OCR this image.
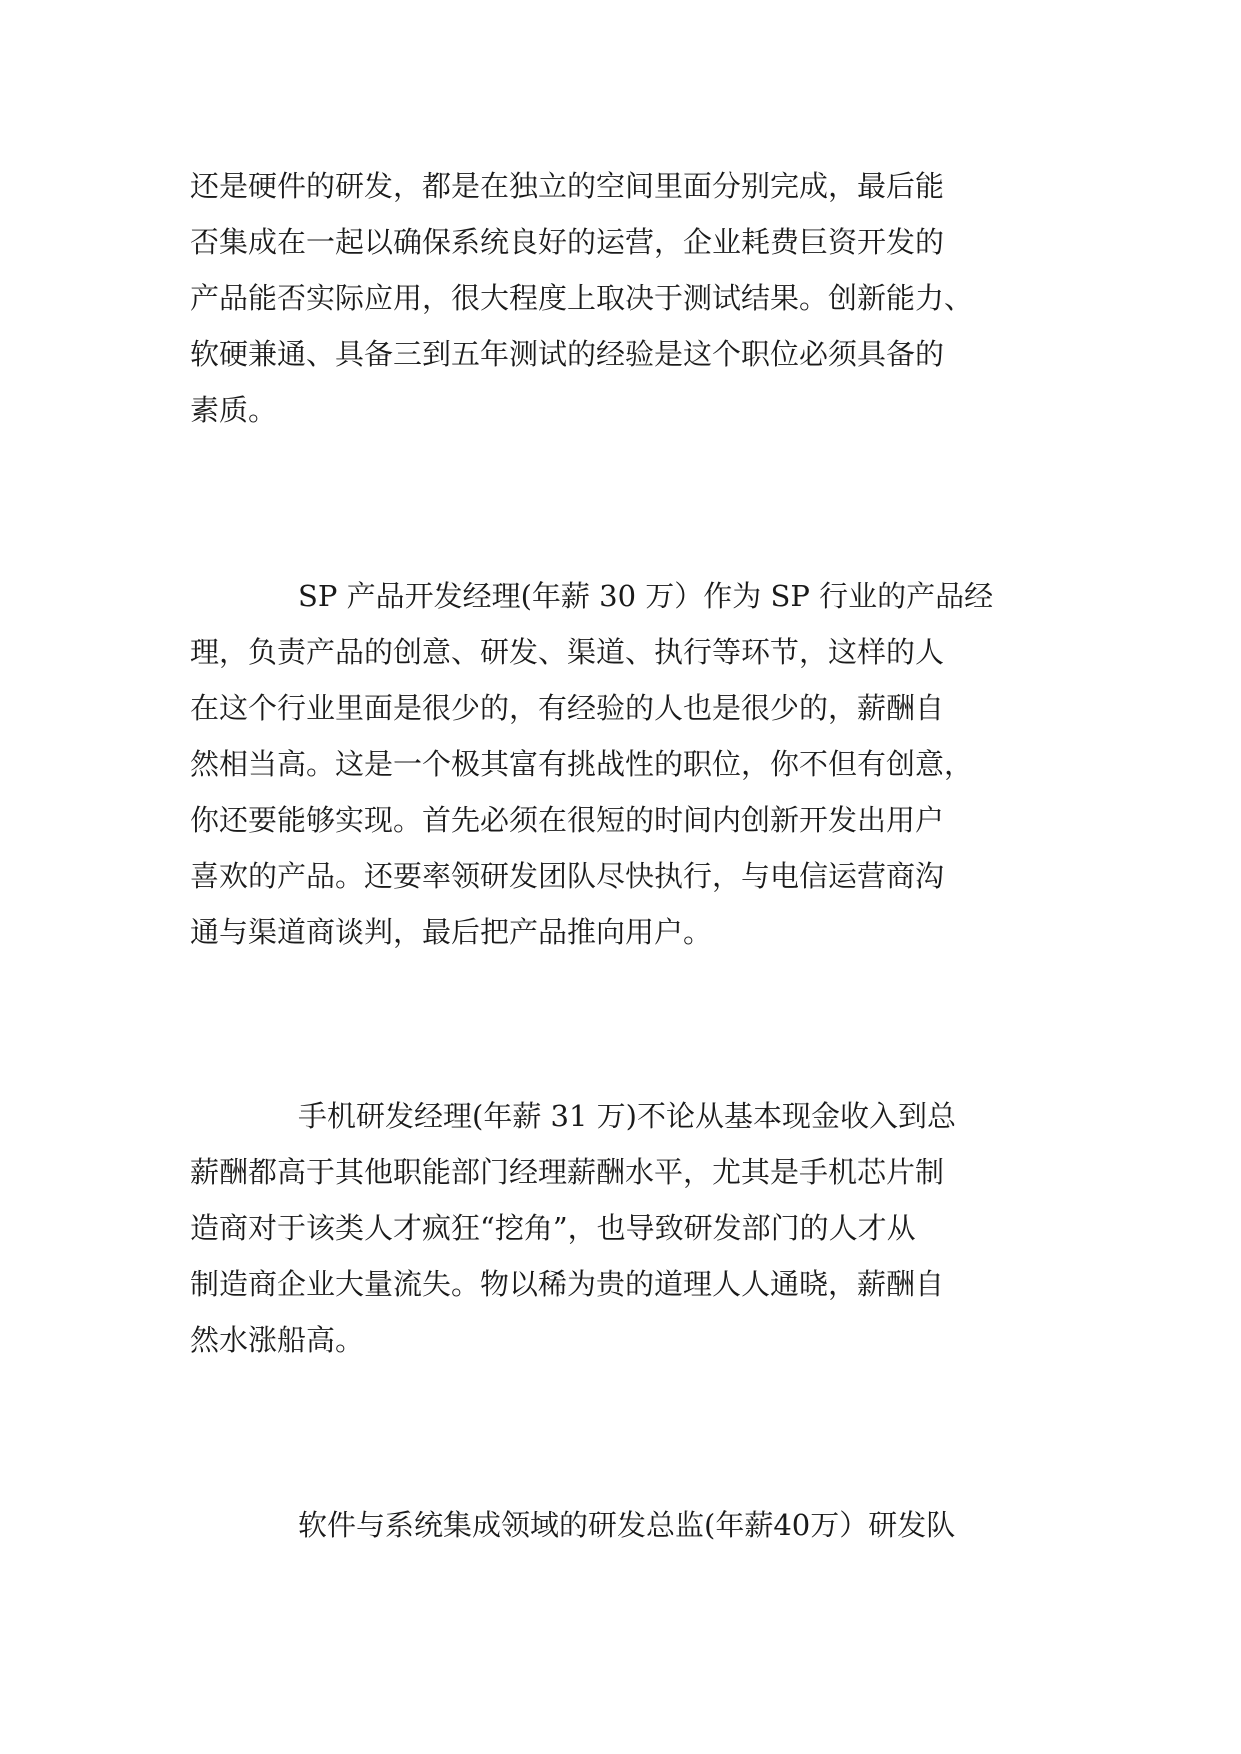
还是硬件的研发，都是在独立的空间里面分别完成，最后能
否集成在一起以确保系统良好的运营，企业耗费巨资开发的
产品能否实际应用，很大程度上取决于测试结果。创新能力、
软硬兼通、具备三到五年测试的经验是这个职位必须具备的
素质。
SP 产品开发经理(年薪 30 万）作为 SP 行业的产品经
理，负责产品的创意、研发、渠道、执行等环节，这样的人
在这个行业里面是很少的，有经验的人也是很少的，薪酬自
然相当高。这是一个极其富有挑战性的职位，你不但有创意，
你还要能够实现。首先必须在很短的时间内创新开发出用户
喜欢的产品。还要率领研发团队尽快执行，与电信运营商沟
通与渠道商谈判，最后把产品推向用户。
手机研发经理(年薪 31 万)不论从基本现金收入到总
薪酬都高于其他职能部门经理薪酬水平，尤其是手机芯片制
造商对于该类人才疯狂“挖角”，也导致研发部门的人才从
制造商企业大量流失。物以稀为贵的道理人人通晓，薪酬自
然水涨船高。
软件与系统集成领域的研发总监(年薪40万）研发队
